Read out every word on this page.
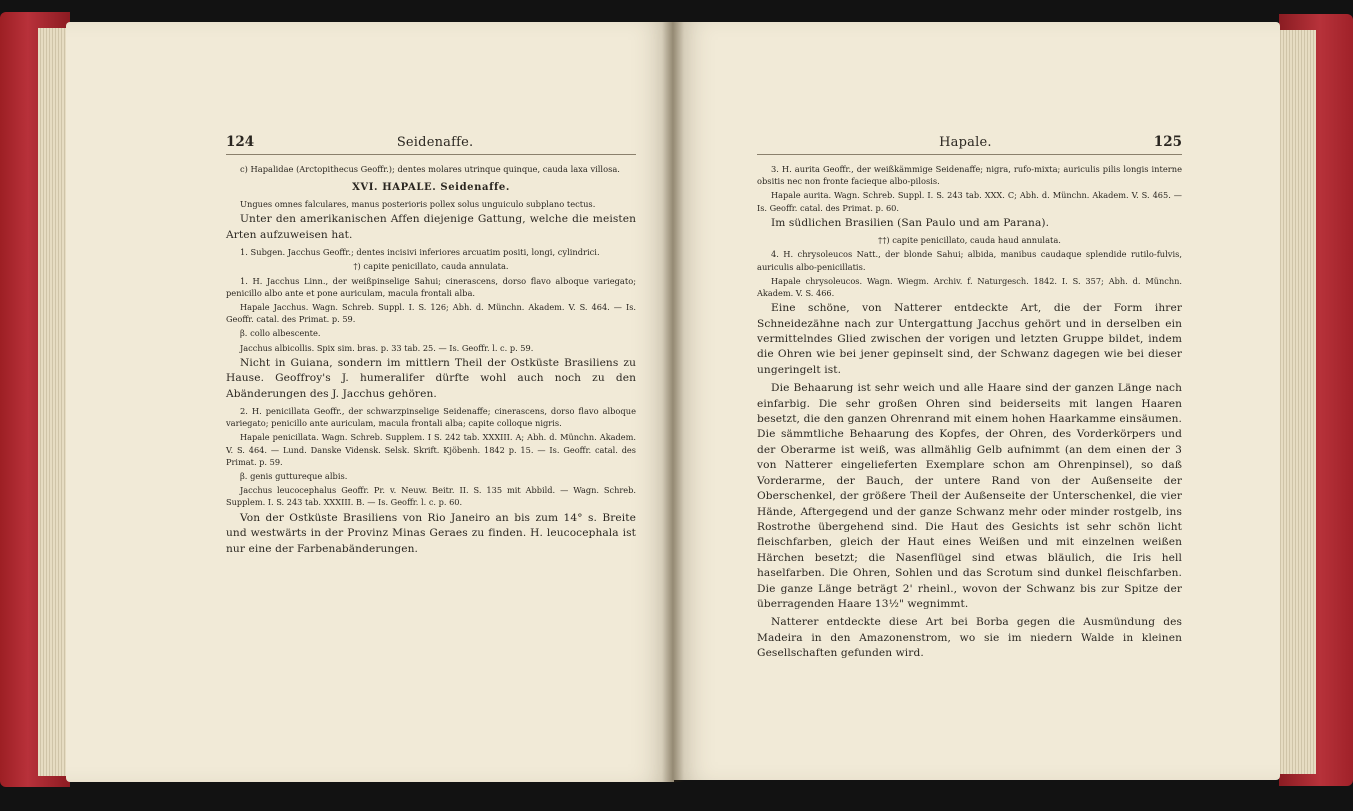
124	Seidenaffe.

c) Hapalidae (Arctopithecus Geoffr.); dentes molares utrinque quinque, cauda laxa villosa.

XVI. HAPALE. Seidenaffe.

Ungues omnes falculares, manus posterioris pollex solus unguiculo subplano tectus.

Unter den amerikanischen Affen diejenige Gattung, welche die meisten Arten aufzuweisen hat.

1. Subgen. Jacchus Geoffr.; dentes incisivi inferiores arcuatim positi, longi, cylindrici.

†) capite penicillato, cauda annulata.

1. H. Jacchus Linn., der weißpinselige Sahui; cinerascens, dorso flavo alboque variegato; penicillo albo ante et pone auriculam, macula frontali alba.

Hapale Jacchus. Wagn. Schreb. Suppl. I. S. 126; Abh. d. Münchn. Akadem. V. S. 464. — Is. Geoffr. catal. des Primat. p. 59.

β. collo albescente.

Jacchus albicollis. Spix sim. bras. p. 33 tab. 25. — Is. Geoffr. l. c. p. 59.

Nicht in Guiana, sondern im mittlern Theil der Ostküste Brasiliens zu Hause. Geoffroy's J. humeralifer dürfte wohl auch noch zu den Abänderungen des J. Jacchus gehören.

2. H. penicillata Geoffr., der schwarzpinselige Seidenaffe; cinerascens, dorso flavo alboque variegato; penicillo ante auriculam, macula frontali alba; capite colloque nigris.

Hapale penicillata. Wagn. Schreb. Supplem. I S. 242 tab. XXXIII. A; Abh. d. Münchn. Akadem. V. S. 464. — Lund. Danske Vidensk. Selsk. Skrift. Kjöbenh. 1842 p. 15. — Is. Geoffr. catal. des Primat. p. 59.

β. genis guttureque albis.

Jacchus leucocephalus Geoffr. Pr. v. Neuw. Beitr. II. S. 135 mit Abbild. — Wagn. Schreb. Supplem. I. S. 243 tab. XXXIII. B. — Is. Geoffr. l. c. p. 60.

Von der Ostküste Brasiliens von Rio Janeiro an bis zum 14° s. Breite und westwärts in der Provinz Minas Geraes zu finden. H. leucocephala ist nur eine der Farbenabänderungen.

Hapale.	125

3. H. aurita Geoffr., der weißkämmige Seidenaffe; nigra, rufo-mixta; auriculis pilis longis interne obsitis nec non fronte facieque albo-pilosis.

Hapale aurita. Wagn. Schreb. Suppl. I. S. 243 tab. XXX. C; Abh. d. Münchn. Akadem. V. S. 465. — Is. Geoffr. catal. des Primat. p. 60.

Im südlichen Brasilien (San Paulo und am Parana).

††) capite penicillato, cauda haud annulata.

4. H. chrysoleucos Natt., der blonde Sahui; albida, manibus caudaque splendide rutilo-fulvis, auriculis albo-penicillatis.

Hapale chrysoleucos. Wagn. Wiegm. Archiv. f. Naturgesch. 1842. I. S. 357; Abh. d. Münchn. Akadem. V. S. 466.

Eine schöne, von Natterer entdeckte Art, die der Form ihrer Schneidezähne nach zur Untergattung Jacchus gehört und in derselben ein vermittelndes Glied zwischen der vorigen und letzten Gruppe bildet, indem die Ohren wie bei jener gepinselt sind, der Schwanz dagegen wie bei dieser ungeringelt ist.

Die Behaarung ist sehr weich und alle Haare sind der ganzen Länge nach einfarbig. Die sehr großen Ohren sind beiderseits mit langen Haaren besetzt, die den ganzen Ohrenrand mit einem hohen Haarkamme einsäumen. Die sämmtliche Behaarung des Kopfes, der Ohren, des Vorderkörpers und der Oberarme ist weiß, was allmählig Gelb aufnimmt (an dem einen der 3 von Natterer eingelieferten Exemplare schon am Ohrenpinsel), so daß Vorderarme, der Bauch, der untere Rand von der Außenseite der Oberschenkel, der größere Theil der Außenseite der Unterschenkel, die vier Hände, Aftergegend und der ganze Schwanz mehr oder minder rostgelb, ins Rostrothe übergehend sind. Die Haut des Gesichts ist sehr schön licht fleischfarben, gleich der Haut eines Weißen und mit einzelnen weißen Härchen besetzt; die Nasenflügel sind etwas bläulich, die Iris hell haselfarben. Die Ohren, Sohlen und das Scrotum sind dunkel fleischfarben. Die ganze Länge beträgt 2' rheinl., wovon der Schwanz bis zur Spitze der überragenden Haare 13½" wegnimmt.

Natterer entdeckte diese Art bei Borba gegen die Ausmündung des Madeira in den Amazonenstrom, wo sie im niedern Walde in kleinen Gesellschaften gefunden wird.
